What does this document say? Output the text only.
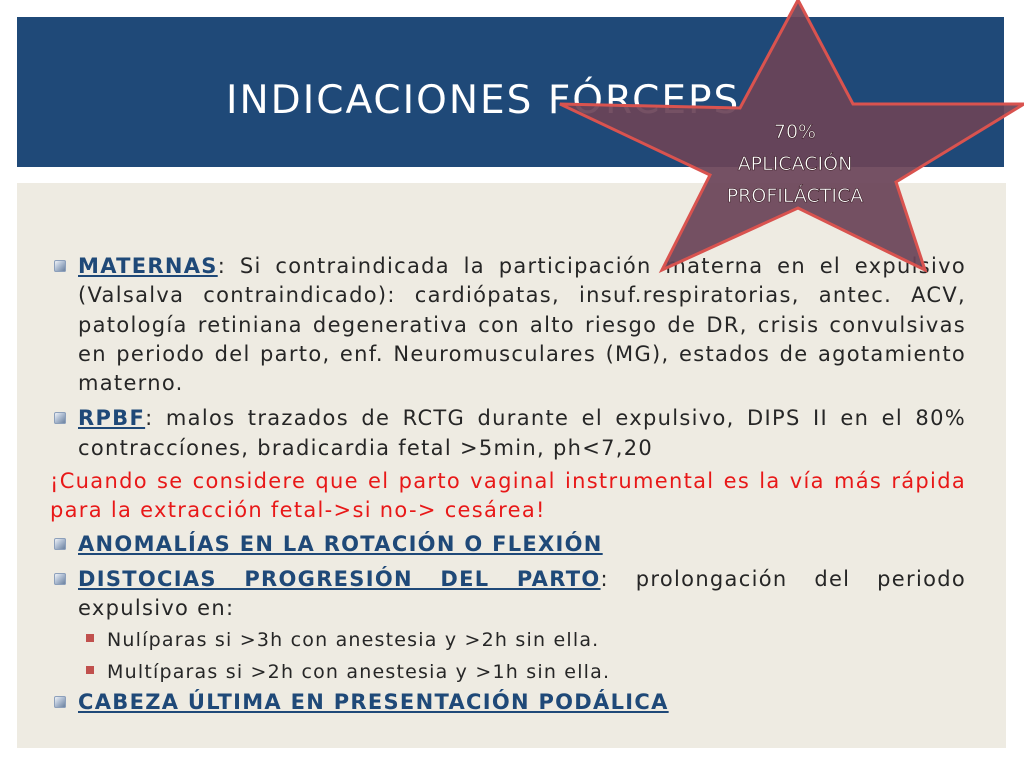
INDICACIONES FÓRCEPS
MATERNAS: Si contraindicada la participación materna en el expulsivo (Valsalva contraindicado): cardiópatas, insuf.respiratorias, antec. ACV, patología retiniana degenerativa con alto riesgo de DR, crisis convulsivas en periodo del parto, enf. Neuromusculares (MG), estados de agotamiento materno.
RPBF: malos trazados de RCTG durante el expulsivo, DIPS II en el 80% contraccíones, bradicardia fetal >5min, ph<7,20
¡Cuando se considere que el parto vaginal instrumental es la vía más rápida para la extracción fetal->si no-> cesárea!
ANOMALÍAS EN LA ROTACIÓN O FLEXIÓN
DISTOCIAS PROGRESIÓN DEL PARTO: prolongación del periodo expulsivo en:
Nulíparas si >3h con anestesia y >2h sin ella.
Multíparas si >2h con anestesia y >1h sin ella.
CABEZA ÚLTIMA EN PRESENTACIÓN PODÁLICA
70%
APLICACIÓN
PROFILÁCTICA
